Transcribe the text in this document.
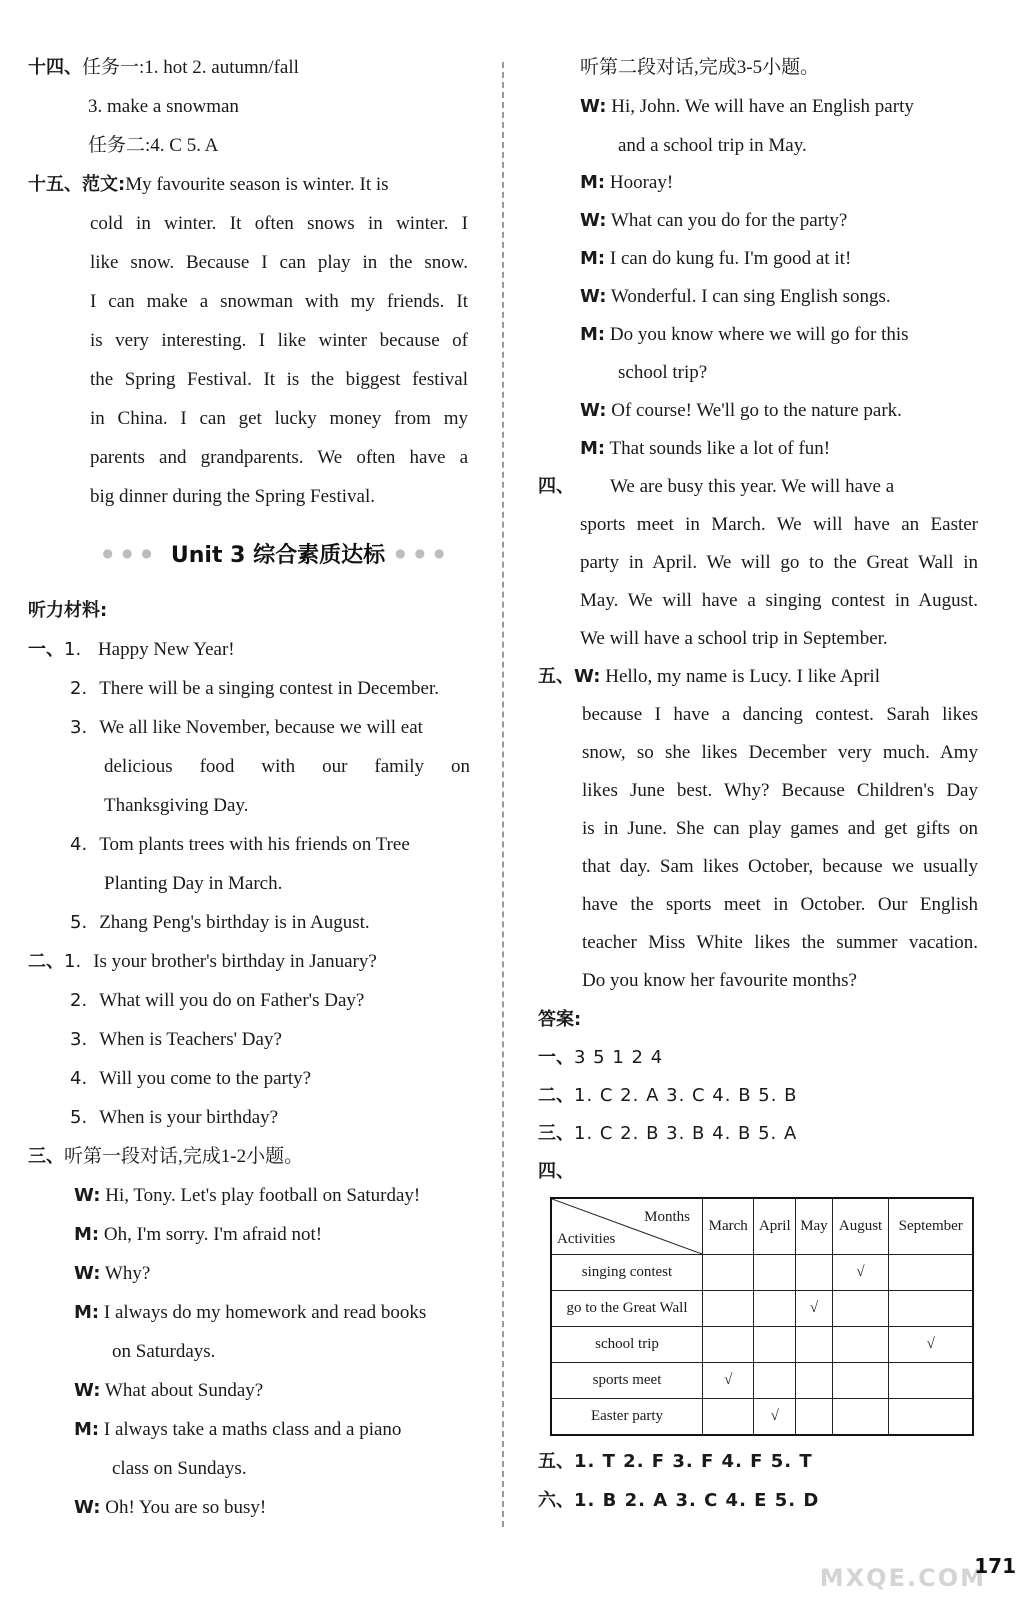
十四、任务一:1. hot 2. autumn/fall
3. make a snowman
任务二:4. C 5. A
十五、范文:My favourite season is winter. It is
cold in winter. It often snows in winter. I
like snow. Because I can play in the snow.
I can make a snowman with my friends. It
is very interesting. I like winter because of
the Spring Festival. It is the biggest festival
in China. I can get lucky money from my
parents and grandparents. We often have a
big dinner during the Spring Festival.
●●● Unit 3 综合素质达标 ●●●
听力材料:
一、1. Happy New Year!
2. There will be a singing contest in December.
3. We all like November, because we will eat
delicious food with our family on
Thanksgiving Day.
4. Tom plants trees with his friends on Tree
Planting Day in March.
5. Zhang Peng's birthday is in August.
二、1. Is your brother's birthday in January?
2. What will you do on Father's Day?
3. When is Teachers' Day?
4. Will you come to the party?
5. When is your birthday?
三、听第一段对话,完成1-2小题。
W: Hi, Tony. Let's play football on Saturday!
M: Oh, I'm sorry. I'm afraid not!
W: Why?
M: I always do my homework and read books
on Saturdays.
W: What about Sunday?
M: I always take a maths class and a piano
class on Sundays.
W: Oh! You are so busy!
听第二段对话,完成3-5小题。
W: Hi, John. We will have an English party
and a school trip in May.
M: Hooray!
W: What can you do for the party?
M: I can do kung fu. I'm good at it!
W: Wonderful. I can sing English songs.
M: Do you know where we will go for this
school trip?
W: Of course! We'll go to the nature park.
M: That sounds like a lot of fun!
四、 We are busy this year. We will have a
sports meet in March. We will have an Easter
party in April. We will go to the Great Wall in
May. We will have a singing contest in August.
We will have a school trip in September.
五、W: Hello, my name is Lucy. I like April
because I have a dancing contest. Sarah likes
snow, so she likes December very much. Amy
likes June best. Why? Because Children's Day
is in June. She can play games and get gifts on
that day. Sam likes October, because we usually
have the sports meet in October. Our English
teacher Miss White likes the summer vacation.
Do you know her favourite months?
答案:
一、3 5 1 2 4
二、1. C 2. A 3. C 4. B 5. B
三、1. C 2. B 3. B 4. B 5. A
四、
五、1. T 2. F 3. F 4. F 5. T
六、1. B 2. A 3. C 4. E 5. D
Months
Activities	March	April	May	August	September
singing contest				√	
go to the Great Wall			√		
school trip					√
sports meet	√				
Easter party		√			
MXQE.COM
171
